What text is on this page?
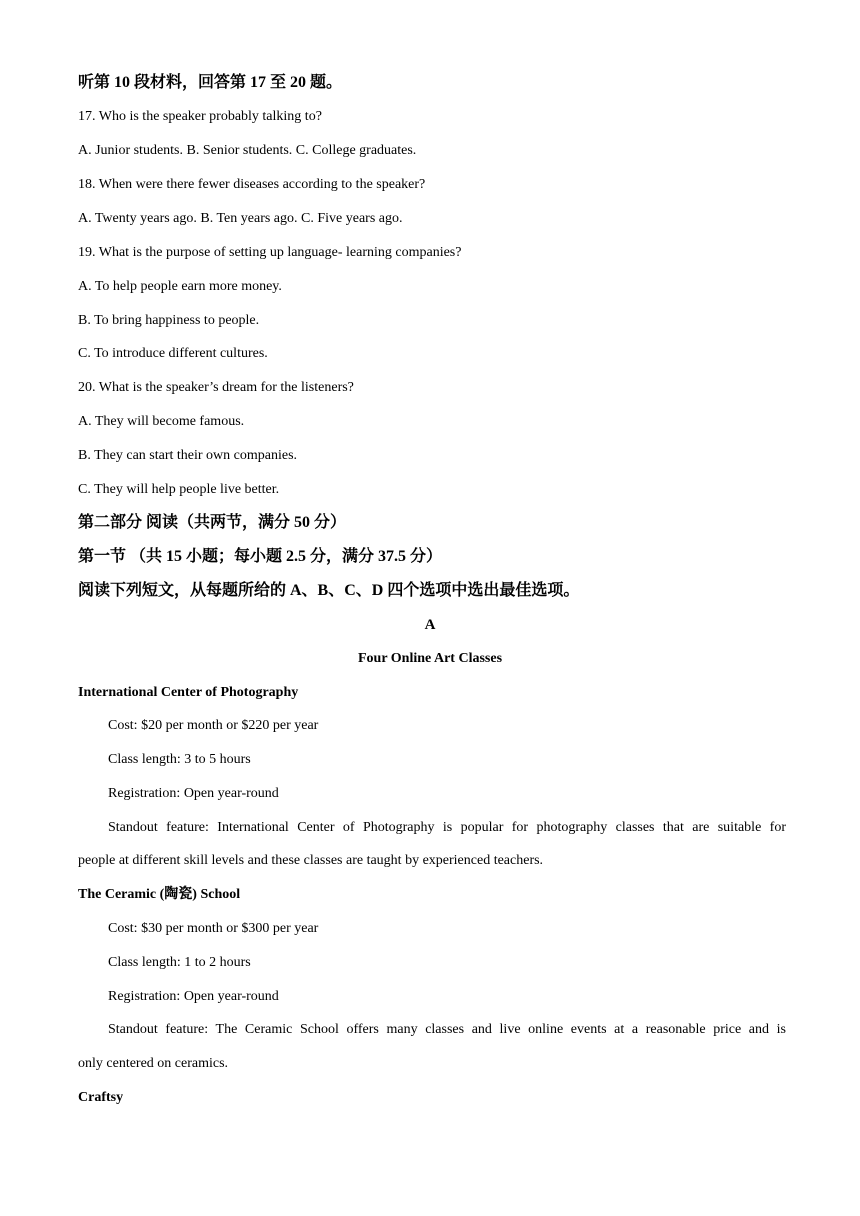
听第 10 段材料，回答第 17 至 20 题。
17. Who is the speaker probably talking to?
A. Junior students. B. Senior students. C. College graduates.
18. When were there fewer diseases according to the speaker?
A. Twenty years ago. B. Ten years ago. C. Five years ago.
19. What is the purpose of setting up language- learning companies?
A. To help people earn more money.
B. To bring happiness to people.
C. To introduce different cultures.
20. What is the speaker’s dream for the listeners?
A. They will become famous.
B. They can start their own companies.
C. They will help people live better.
第二部分 阅读（共两节，满分 50 分）
第一节 （共 15 小题；每小题 2.5 分，满分 37.5 分）
阅读下列短文，从每题所给的 A、B、C、D 四个选项中选出最佳选项。
A
Four Online Art Classes
International Center of Photography
Cost: $20 per month or $220 per year
Class length: 3 to 5 hours
Registration: Open year-round
Standout feature: International Center of Photography is popular for photography classes that are suitable for
people at different skill levels and these classes are taught by experienced teachers.
The Ceramic (陶瓷) School
Cost: $30 per month or $300 per year
Class length: 1 to 2 hours
Registration: Open year-round
Standout feature: The Ceramic School offers many classes and live online events at a reasonable price and is
only centered on ceramics.
Craftsy
